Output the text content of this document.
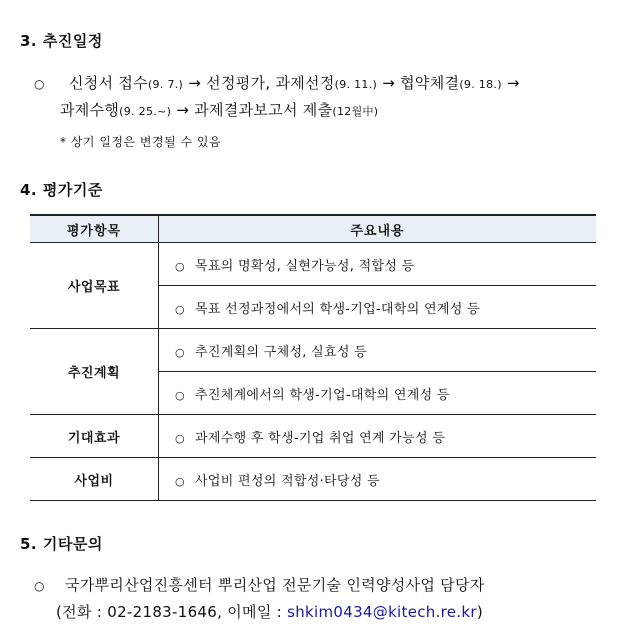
3. 추진일정
○ 신청서 접수(9. 7.) → 선정평가, 과제선정(9. 11.) → 협약체결(9. 18.) →
과제수행(9. 25.~) → 과제결과보고서 제출(12월中)
* 상기 일정은 변경될 수 있음
4. 평가기준
평가항목	주요내용
사업목표	○ 목표의 명확성, 실현가능성, 적합성 등
	○ 목표 선정과정에서의 학생-기업-대학의 연계성 등
추진계획	○ 추진계획의 구체성, 실효성 등
	○ 추진체계에서의 학생-기업-대학의 연계성 등
기대효과	○ 과제수행 후 학생-기업 취업 연계 가능성 등
사업비	○ 사업비 편성의 적합성·타당성 등
5. 기타문의
○ 국가뿌리산업진흥센터 뿌리산업 전문기술 인력양성사업 담당자
(전화 : 02-2183-1646, 이메일 : shkim0434@kitech.re.kr)
